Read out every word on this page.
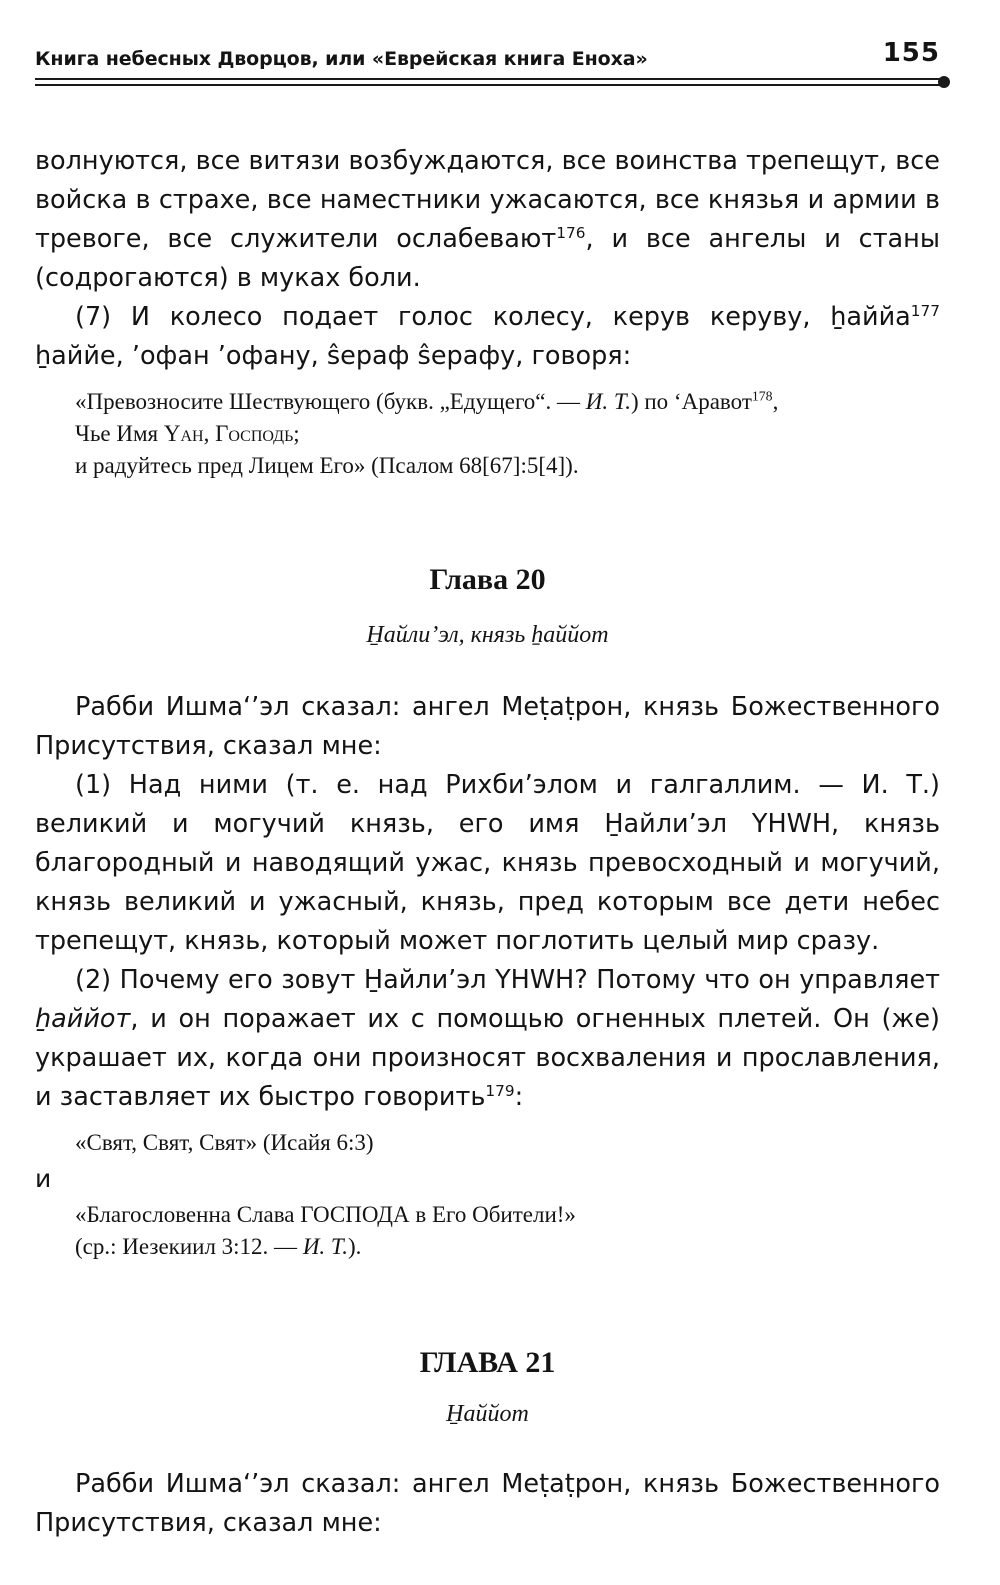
Книга небесных Дворцов, или «Еврейская книга Еноха»	155

волнуются, все витязи возбуждаются, все воинства трепещут, все войска в страхе, все наместники ужасаются, все князья и армии в тревоге, все служители ослабевают$^{176}$, и все ангелы и станы (содрогаются) в муках боли.

(7) И колесо подает голос колесу, керув керуву, ẖаййа$^{177}$ ẖаййе, ’офан ’офану, ŝераф ŝерафу, говоря:

«Превозносите Шествующего (букв. „Едущего“. — И. Т.) по ‘Аравот$^{178}$,
Чье Имя Yah, Господь;
и радуйтесь пред Лицем Его» (Псалом 68[67]:5[4]).
Глава 20
H̱айли’эл, князь ẖаййот

Рабби Ишма‘’эл сказал: ангел Меṭаṭрон, князь Божественного Присутствия, сказал мне:

(1) Над ними (т. е. над Рихби’элом и галгаллим. — И. Т.) великий и могучий князь, его имя H̱айли’эл YHWH, князь благородный и наводящий ужас, князь превосходный и могучий, князь великий и ужасный, князь, пред которым все дети небес трепещут, князь, который может поглотить целый мир сразу.

(2) Почему его зовут H̱айли’эл YHWH? Потому что он управляет ẖаййот, и он поражает их с помощью огненных плетей. Он (же) украшает их, когда они произносят восхваления и прославления, и заставляет их быстро говорить$^{179}$:

«Свят, Свят, Свят» (Исайя 6:3)
и
«Благословенна Слава ГОСПОДА в Его Обители!»
(ср.: Иезекиил 3:12. — И. Т.).
ГЛАВА 21
H̱аййот

Рабби Ишма‘’эл сказал: ангел Меṭаṭрон, князь Божественного Присутствия, сказал мне:
